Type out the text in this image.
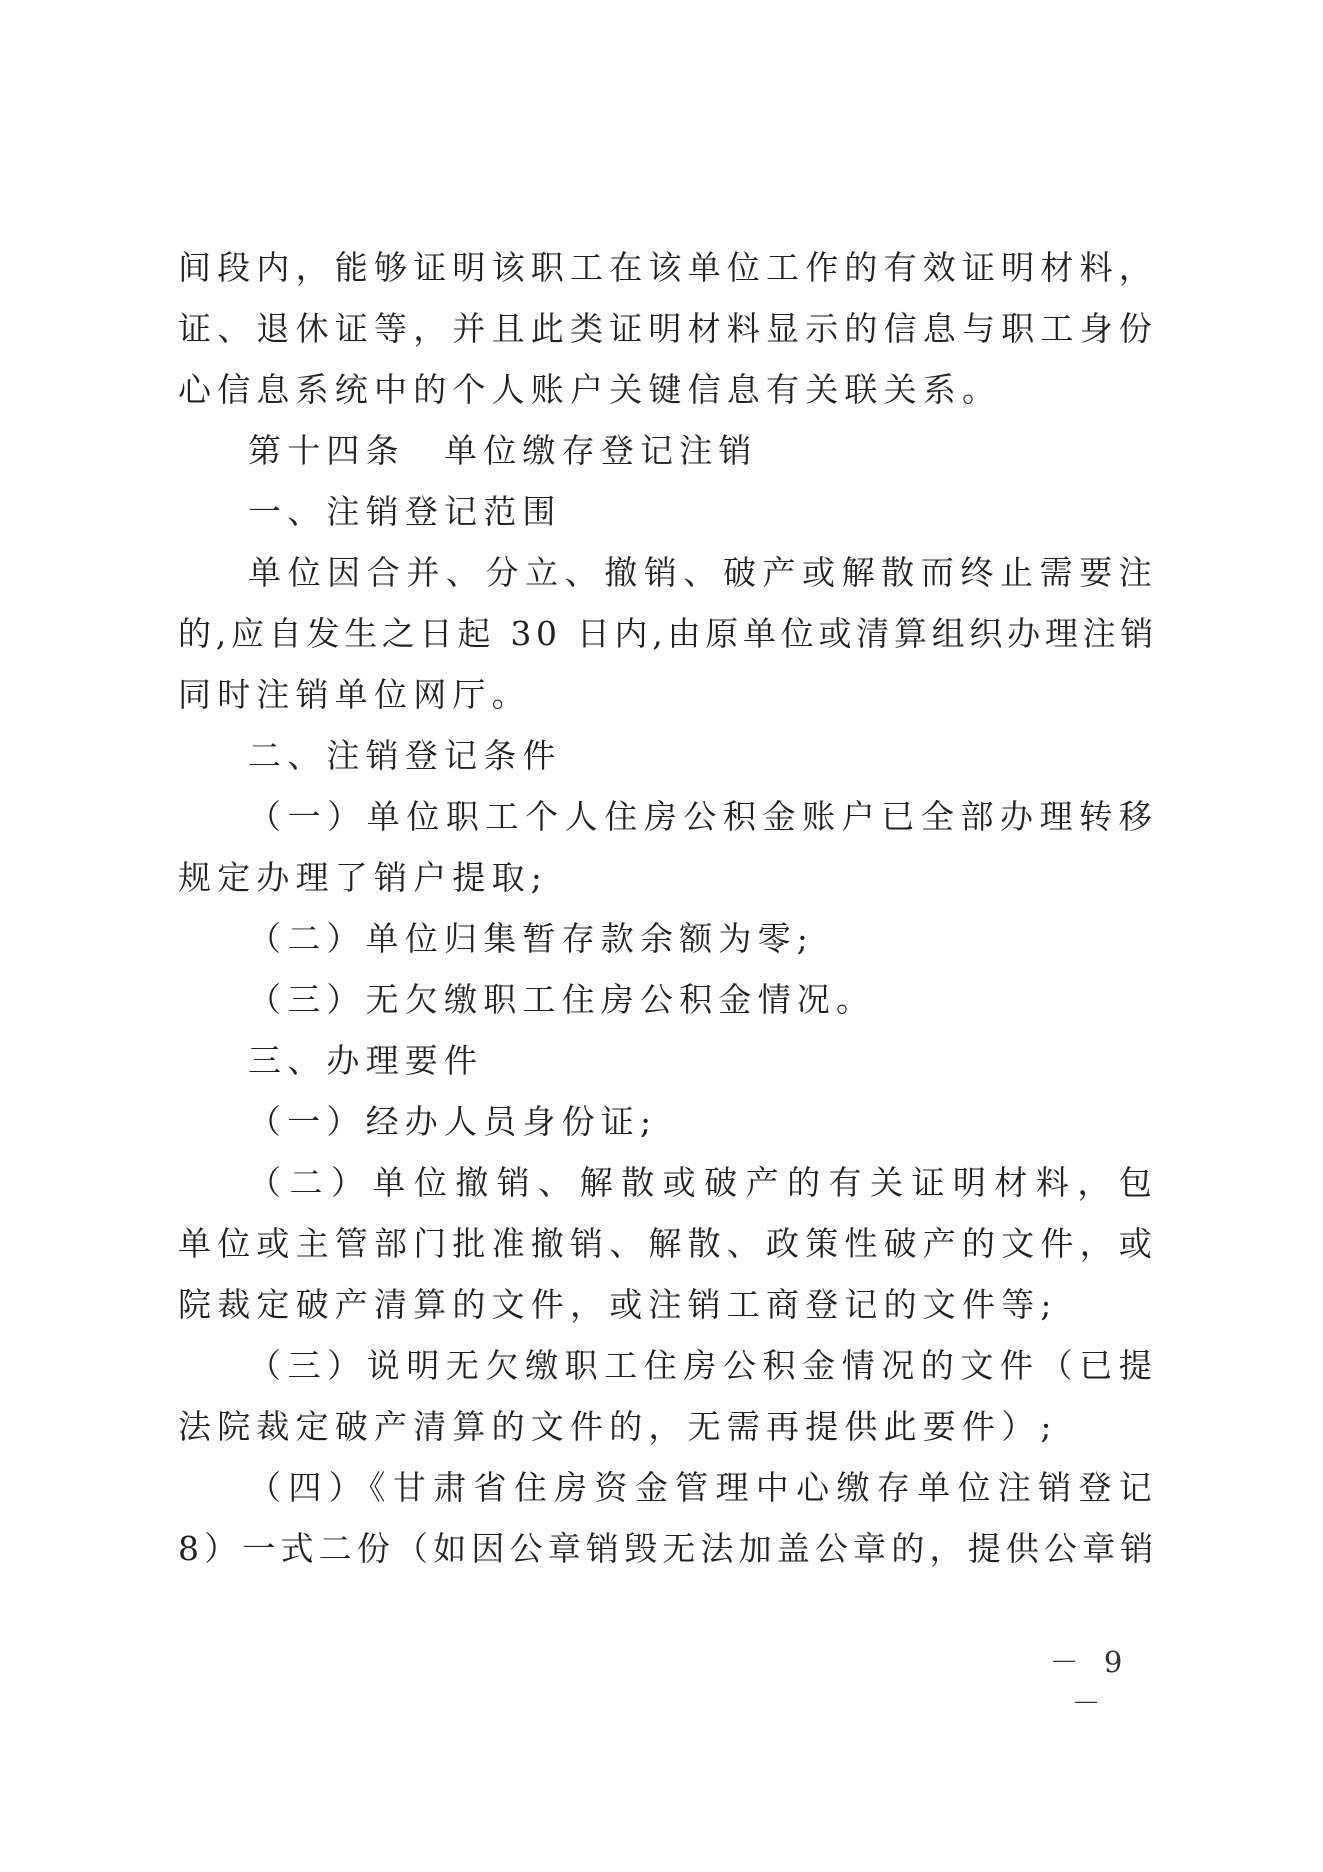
间段内，能够证明该职工在该单位工作的有效证明材料，
证、退休证等，并且此类证明材料显示的信息与职工身份
心信息系统中的个人账户关键信息有关联关系。
第十四条　单位缴存登记注销
一、注销登记范围
单位因合并、分立、撤销、破产或解散而终止需要注
的,应自发生之日起 30 日内,由原单位或清算组织办理注销
同时注销单位网厅。
二、注销登记条件
（一）单位职工个人住房公积金账户已全部办理转移
规定办理了销户提取;
（二）单位归集暂存款余额为零;
（三）无欠缴职工住房公积金情况。
三、办理要件
（一）经办人员身份证;
（二）单位撤销、解散或破产的有关证明材料，包
单位或主管部门批准撤销、解散、政策性破产的文件，或
院裁定破产清算的文件，或注销工商登记的文件等;
（三）说明无欠缴职工住房公积金情况的文件（已提
法院裁定破产清算的文件的，无需再提供此要件）;
（四）《甘肃省住房资金管理中心缴存单位注销登记
8）一式二份（如因公章销毁无法加盖公章的，提供公章销
－ 9 －
